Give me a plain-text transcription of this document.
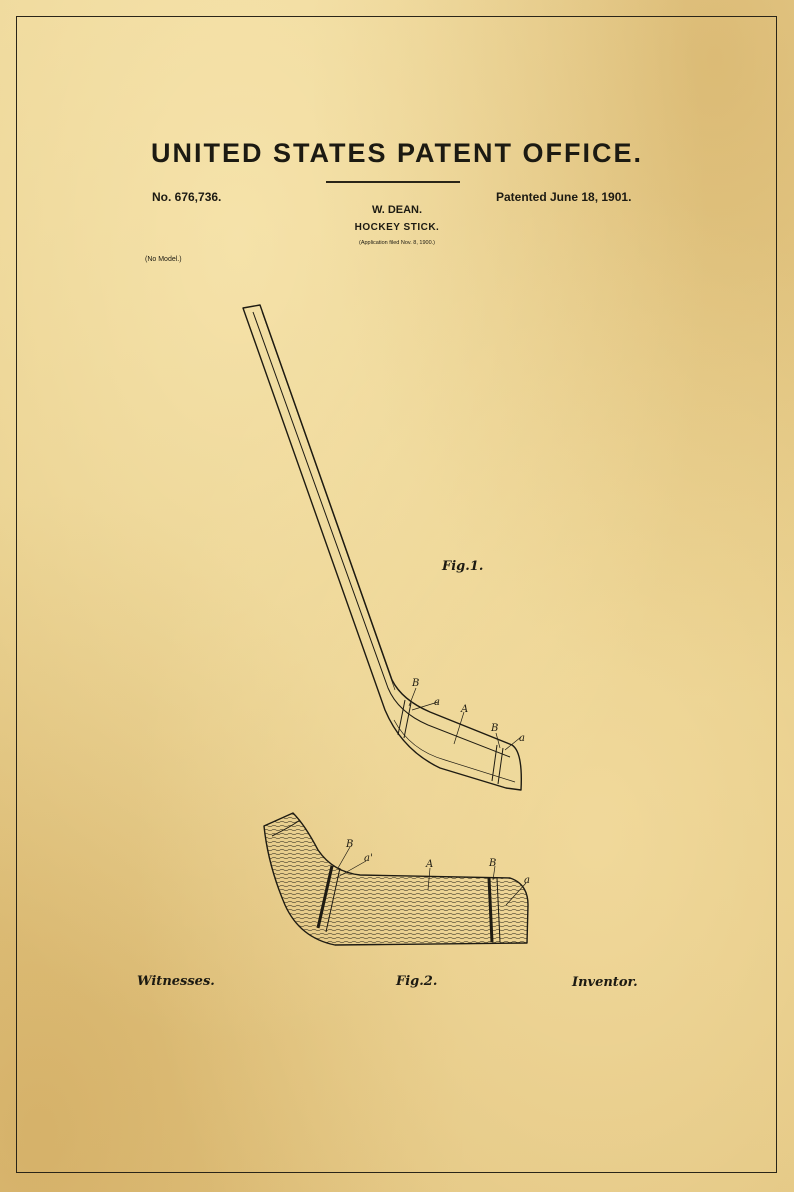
UNITED STATES PATENT OFFICE.
No. 676,736.	Patented June 18, 1901.
W. DEAN.
HOCKEY STICK.
(Application filed Nov. 8, 1900.)
(No Model.)
B
a
A
B
a
B
a'
A	B
a
Fig.1.
Fig.2.
Witnesses.	Inventor.
B. Dennison
W. J. S. Carreth
Walter Dean
